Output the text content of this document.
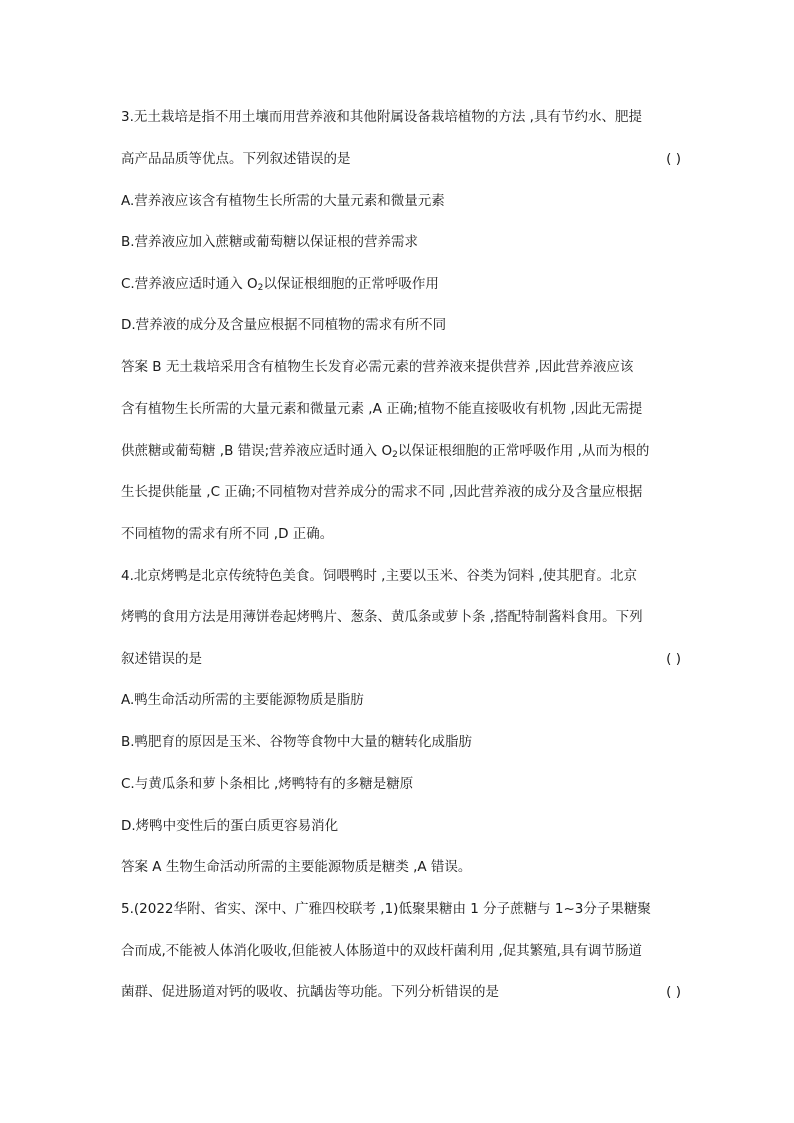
3.无土栽培是指不用土壤而用营养液和其他附属设备栽培植物的方法 ,具有节约水、肥提
高产品品质等优点。下列叙述错误的是	( )
A.营养液应该含有植物生长所需的大量元素和微量元素
B.营养液应加入蔗糖或葡萄糖以保证根的营养需求
C.营养液应适时通入 $O_2$以保证根细胞的正常呼吸作用
D.营养液的成分及含量应根据不同植物的需求有所不同
答案 B 无土栽培采用含有植物生长发育必需元素的营养液来提供营养 ,因此营养液应该
含有植物生长所需的大量元素和微量元素 ,A 正确;植物不能直接吸收有机物 ,因此无需提
供蔗糖或葡萄糖 ,B 错误;营养液应适时通入 $O_2$以保证根细胞的正常呼吸作用 ,从而为根的
生长提供能量 ,C 正确;不同植物对营养成分的需求不同 ,因此营养液的成分及含量应根据
不同植物的需求有所不同 ,D 正确。
4.北京烤鸭是北京传统特色美食。饲喂鸭时 ,主要以玉米、谷类为饲料 ,使其肥育。北京
烤鸭的食用方法是用薄饼卷起烤鸭片、葱条、黄瓜条或萝卜条 ,搭配特制酱料食用。下列
叙述错误的是	( )
A.鸭生命活动所需的主要能源物质是脂肪
B.鸭肥育的原因是玉米、谷物等食物中大量的糖转化成脂肪
C.与黄瓜条和萝卜条相比 ,烤鸭特有的多糖是糖原
D.烤鸭中变性后的蛋白质更容易消化
答案 A 生物生命活动所需的主要能源物质是糖类 ,A 错误。
5.(2022华附、省实、深中、广雅四校联考 ,1)低聚果糖由 1 分子蔗糖与 1~3分子果糖聚
合而成,不能被人体消化吸收,但能被人体肠道中的双歧杆菌利用 ,促其繁殖,具有调节肠道
菌群、促进肠道对钙的吸收、抗龋齿等功能。下列分析错误的是	( )
